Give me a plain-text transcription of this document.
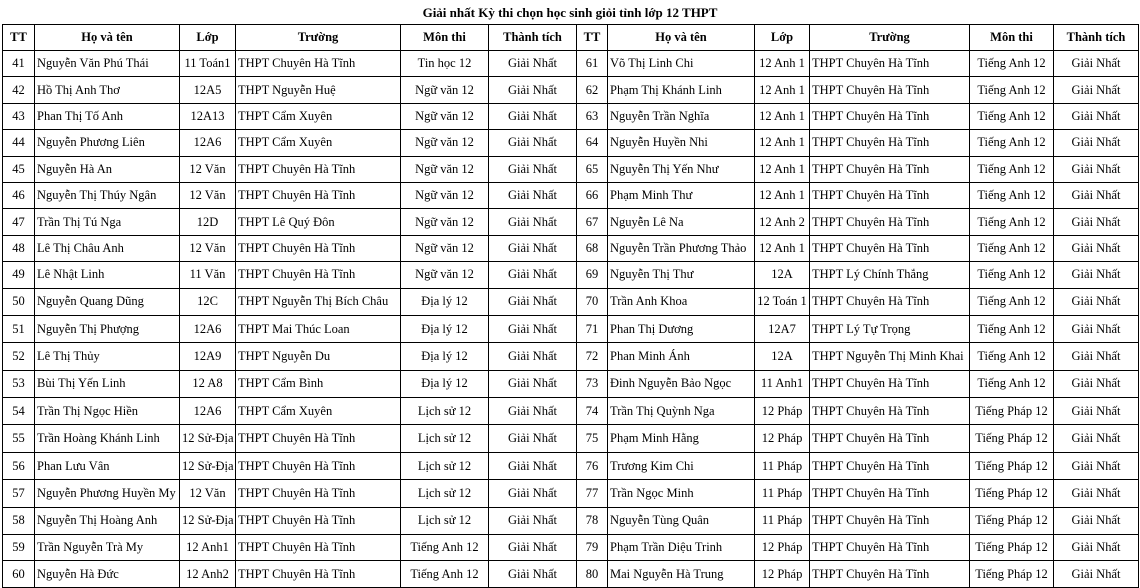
Giải nhất Kỳ thi chọn học sinh giỏi tỉnh lớp 12 THPT
TT	Họ và tên	Lớp	Trường	Môn thi	Thành tích	TT	Họ và tên	Lớp	Trường	Môn thi	Thành tích
41	Nguyễn Văn Phú Thái	11 Toán1	THPT Chuyên Hà Tĩnh	Tin học 12	Giải Nhất	61	Võ Thị Linh Chi	12 Anh 1	THPT Chuyên Hà Tĩnh	Tiếng Anh 12	Giải Nhất
42	Hồ Thị Anh Thơ	12A5	THPT Nguyễn Huệ	Ngữ văn 12	Giải Nhất	62	Phạm Thị Khánh Linh	12 Anh 1	THPT Chuyên Hà Tĩnh	Tiếng Anh 12	Giải Nhất
43	Phan Thị Tố Anh	12A13	THPT Cẩm Xuyên	Ngữ văn 12	Giải Nhất	63	Nguyễn Trần Nghĩa	12 Anh 1	THPT Chuyên Hà Tĩnh	Tiếng Anh 12	Giải Nhất
44	Nguyễn Phương Liên	12A6	THPT Cẩm Xuyên	Ngữ văn 12	Giải Nhất	64	Nguyễn Huyền Nhi	12 Anh 1	THPT Chuyên Hà Tĩnh	Tiếng Anh 12	Giải Nhất
45	Nguyễn Hà An	12 Văn	THPT Chuyên Hà Tĩnh	Ngữ văn 12	Giải Nhất	65	Nguyễn Thị Yến Như	12 Anh 1	THPT Chuyên Hà Tĩnh	Tiếng Anh 12	Giải Nhất
46	Nguyễn Thị Thúy Ngân	12 Văn	THPT Chuyên Hà Tĩnh	Ngữ văn 12	Giải Nhất	66	Phạm Minh Thư	12 Anh 1	THPT Chuyên Hà Tĩnh	Tiếng Anh 12	Giải Nhất
47	Trần Thị Tú Nga	12D	THPT Lê Quý Đôn	Ngữ văn 12	Giải Nhất	67	Nguyễn Lê Na	12 Anh 2	THPT Chuyên Hà Tĩnh	Tiếng Anh 12	Giải Nhất
48	Lê Thị Châu Anh	12 Văn	THPT Chuyên Hà Tĩnh	Ngữ văn 12	Giải Nhất	68	Nguyễn Trần Phương Thảo	12 Anh 1	THPT Chuyên Hà Tĩnh	Tiếng Anh 12	Giải Nhất
49	Lê Nhật Linh	11 Văn	THPT Chuyên Hà Tĩnh	Ngữ văn 12	Giải Nhất	69	Nguyễn Thị Thư	12A	THPT Lý Chính Thắng	Tiếng Anh 12	Giải Nhất
50	Nguyễn Quang Dũng	12C	THPT Nguyễn Thị Bích Châu	Địa lý 12	Giải Nhất	70	Trần Anh Khoa	12 Toán 1	THPT Chuyên Hà Tĩnh	Tiếng Anh 12	Giải Nhất
51	Nguyễn Thị Phượng	12A6	THPT Mai Thúc Loan	Địa lý 12	Giải Nhất	71	Phan Thị Dương	12A7	THPT Lý Tự Trọng	Tiếng Anh 12	Giải Nhất
52	Lê Thị Thủy	12A9	THPT Nguyễn Du	Địa lý 12	Giải Nhất	72	Phan Minh Ánh	12A	THPT Nguyễn Thị Minh Khai	Tiếng Anh 12	Giải Nhất
53	Bùi Thị Yến Linh	12 A8	THPT Cẩm Bình	Địa lý 12	Giải Nhất	73	Đinh Nguyễn Bảo Ngọc	11 Anh1	THPT Chuyên Hà Tĩnh	Tiếng Anh 12	Giải Nhất
54	Trần Thị Ngọc Hiền	12A6	THPT Cẩm Xuyên	Lịch sử 12	Giải Nhất	74	Trần Thị Quỳnh Nga	12 Pháp	THPT Chuyên Hà Tĩnh	Tiếng Pháp 12	Giải Nhất
55	Trần Hoàng Khánh Linh	12 Sử-Địa	THPT Chuyên Hà Tĩnh	Lịch sử 12	Giải Nhất	75	Phạm Minh Hằng	12 Pháp	THPT Chuyên Hà Tĩnh	Tiếng Pháp 12	Giải Nhất
56	Phan Lưu Vân	12 Sử-Địa	THPT Chuyên Hà Tĩnh	Lịch sử 12	Giải Nhất	76	Trương Kim Chi	11 Pháp	THPT Chuyên Hà Tĩnh	Tiếng Pháp 12	Giải Nhất
57	Nguyễn Phương Huyền My	12 Văn	THPT Chuyên Hà Tĩnh	Lịch sử 12	Giải Nhất	77	Trần Ngọc Minh	11 Pháp	THPT Chuyên Hà Tĩnh	Tiếng Pháp 12	Giải Nhất
58	Nguyễn Thị Hoàng Anh	12 Sử-Địa	THPT Chuyên Hà Tĩnh	Lịch sử 12	Giải Nhất	78	Nguyễn Tùng Quân	11 Pháp	THPT Chuyên Hà Tĩnh	Tiếng Pháp 12	Giải Nhất
59	Trần Nguyễn Trà My	12 Anh1	THPT Chuyên Hà Tĩnh	Tiếng Anh 12	Giải Nhất	79	Phạm Trần Diệu Trinh	12 Pháp	THPT Chuyên Hà Tĩnh	Tiếng Pháp 12	Giải Nhất
60	Nguyễn Hà Đức	12 Anh2	THPT Chuyên Hà Tĩnh	Tiếng Anh 12	Giải Nhất	80	Mai Nguyễn Hà Trung	12 Pháp	THPT Chuyên Hà Tĩnh	Tiếng Pháp 12	Giải Nhất
